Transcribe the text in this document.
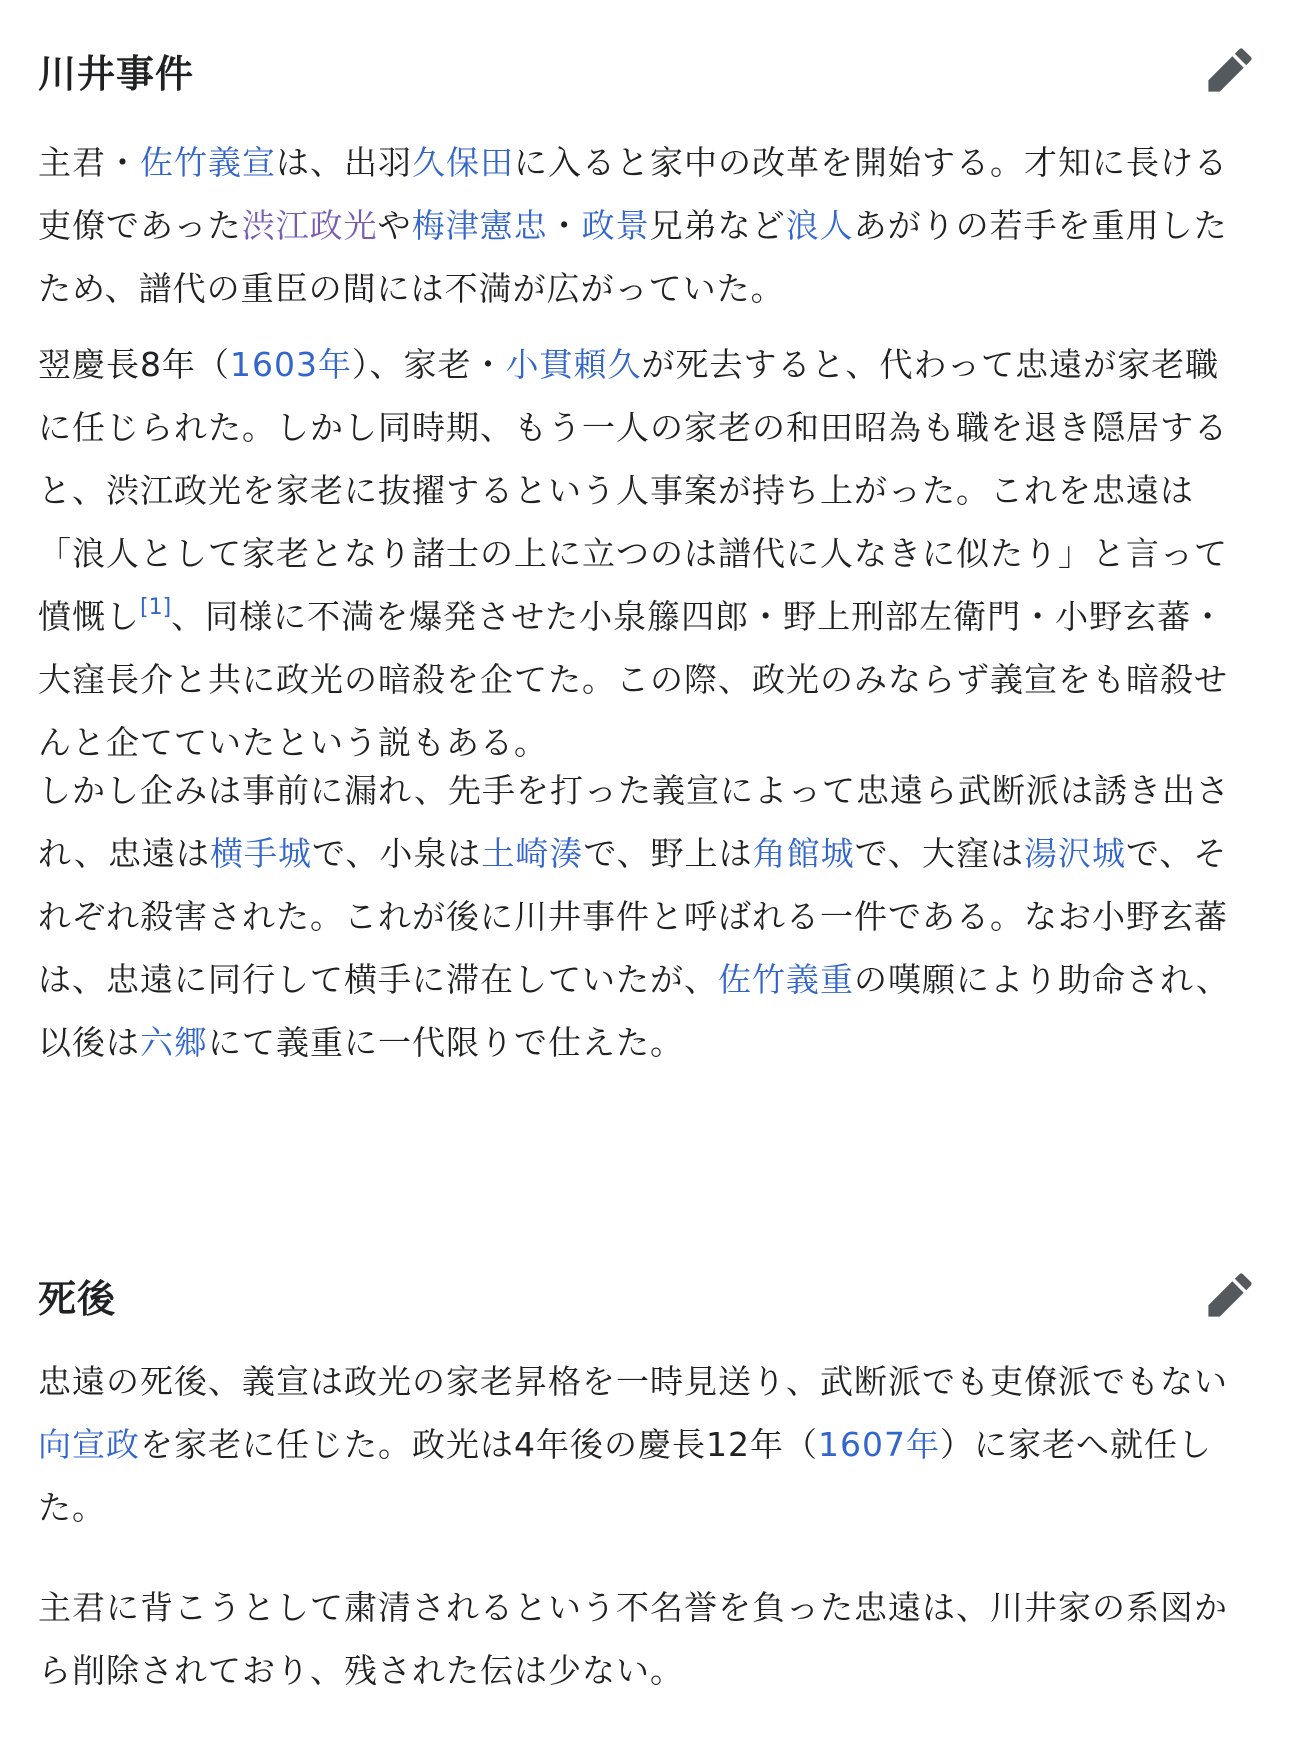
川井事件

主君・佐竹義宣は、出羽久保田に入ると家中の改革を開始する。才知に長ける吏僚であった渋江政光や梅津憲忠・政景兄弟など浪人あがりの若手を重用したため、譜代の重臣の間には不満が広がっていた。

翌慶長8年（1603年）、家老・小貫頼久が死去すると、代わって忠遠が家老職に任じられた。しかし同時期、もう一人の家老の和田昭為も職を退き隠居すると、渋江政光を家老に抜擢するという人事案が持ち上がった。これを忠遠は「浪人として家老となり諸士の上に立つのは譜代に人なきに似たり」と言って憤慨し[1]、同様に不満を爆発させた小泉籐四郎・野上刑部左衛門・小野玄蕃・大窪長介と共に政光の暗殺を企てた。この際、政光のみならず義宣をも暗殺せんと企てていたという説もある。

しかし企みは事前に漏れ、先手を打った義宣によって忠遠ら武断派は誘き出され、忠遠は横手城で、小泉は土崎湊で、野上は角館城で、大窪は湯沢城で、それぞれ殺害された。これが後に川井事件と呼ばれる一件である。なお小野玄蕃は、忠遠に同行して横手に滞在していたが、佐竹義重の嘆願により助命され、以後は六郷にて義重に一代限りで仕えた。

死後

忠遠の死後、義宣は政光の家老昇格を一時見送り、武断派でも吏僚派でもない向宣政を家老に任じた。政光は4年後の慶長12年（1607年）に家老へ就任した。

主君に背こうとして粛清されるという不名誉を負った忠遠は、川井家の系図から削除されており、残された伝は少ない。
